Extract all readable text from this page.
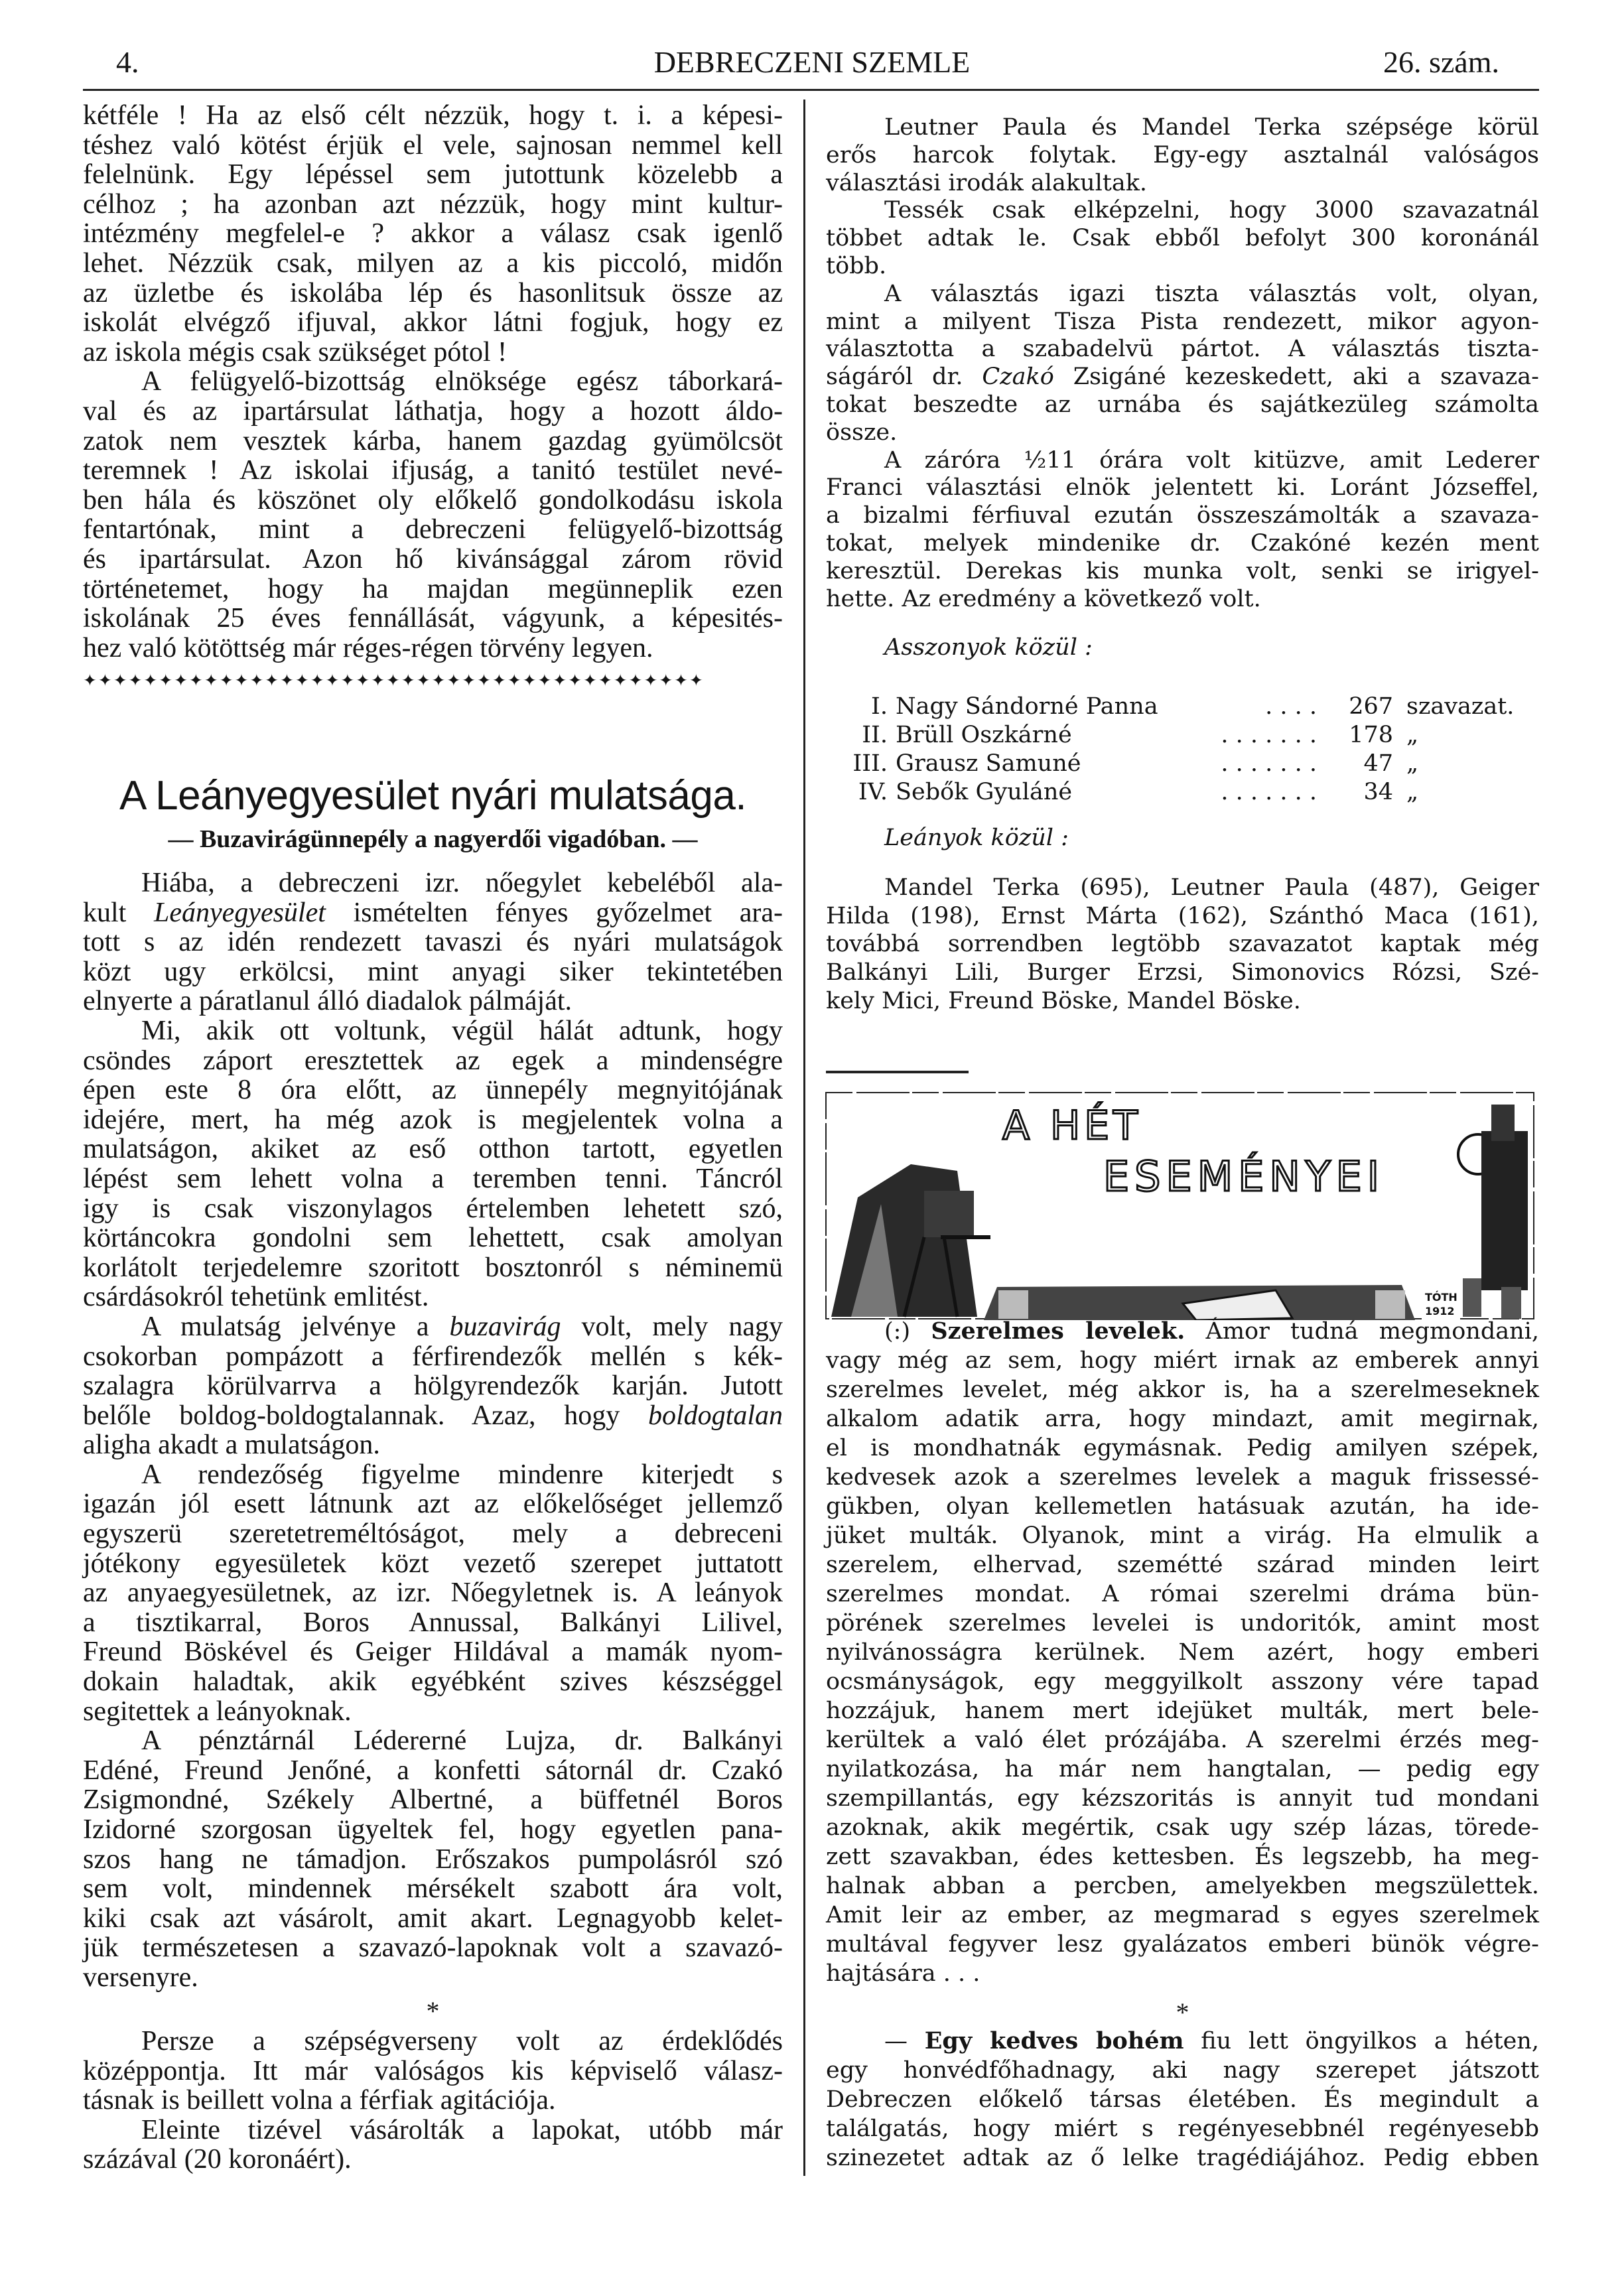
4.	DEBRECZENI SZEMLE	26. szám.
kétféle ! Ha az első célt nézzük, hogy t. i. a képesi-
téshez való kötést érjük el vele, sajnosan nemmel kell
felelnünk. Egy lépéssel sem jutottunk közelebb a
célhoz ; ha azonban azt nézzük, hogy mint kultur-
intézmény megfelel-e ? akkor a válasz csak igenlő
lehet. Nézzük csak, milyen az a kis piccoló, midőn
az üzletbe és iskolába lép és hasonlitsuk össze az
iskolát elvégző ifjuval, akkor látni fogjuk, hogy ez
az iskola mégis csak szükséget pótol !
A felügyelő-bizottság elnöksége egész táborkará-
val és az ipartársulat láthatja, hogy a hozott áldo-
zatok nem vesztek kárba, hanem gazdag gyümölcsöt
teremnek ! Az iskolai ifjuság, a tanitó testület nevé-
ben hála és köszönet oly előkelő gondolkodásu iskola
fentartónak, mint a debreczeni felügyelő-bizottság
és ipartársulat. Azon hő kivánsággal zárom rövid
történetemet, hogy ha majdan megünneplik ezen
iskolának 25 éves fennállását, vágyunk, a képesités-
hez való kötöttség már réges-régen törvény legyen.
✦✦✦✦✦✦✦✦✦✦✦✦✦✦✦✦✦✦✦✦✦✦✦✦✦✦✦✦✦✦✦✦✦✦✦✦✦✦✦✦✦
A Leányegyesület nyári mulatsága.
— Buzavirágünnepély a nagyerdői vigadóban. —
Hiába, a debreczeni izr. nőegylet kebeléből ala-
kult Leányegyesület ismételten fényes győzelmet ara-
tott s az idén rendezett tavaszi és nyári mulatságok
közt ugy erkölcsi, mint anyagi siker tekintetében
elnyerte a páratlanul álló diadalok pálmáját.
Mi, akik ott voltunk, végül hálát adtunk, hogy
csöndes záport eresztettek az egek a mindenségre
épen este 8 óra előtt, az ünnepély megnyitójának
idejére, mert, ha még azok is megjelentek volna a
mulatságon, akiket az eső otthon tartott, egyetlen
lépést sem lehett volna a teremben tenni. Táncról
igy is csak viszonylagos értelemben lehetett szó,
körtáncokra gondolni sem lehettett, csak amolyan
korlátolt terjedelemre szoritott bosztonról s néminemü
csárdásokról tehetünk emlitést.
A mulatság jelvénye a buzavirág volt, mely nagy
csokorban pompázott a férfirendezők mellén s kék-
szalagra körülvarrva a hölgyrendezők karján. Jutott
belőle boldog-boldogtalannak. Azaz, hogy boldogtalan
aligha akadt a mulatságon.
A rendezőség figyelme mindenre kiterjedt s
igazán jól esett látnunk azt az előkelőséget jellemző
egyszerü szeretetreméltóságot, mely a debreceni
jótékony egyesületek közt vezető szerepet juttatott
az anyaegyesületnek, az izr. Nőegyletnek is. A leányok
a tisztikarral, Boros Annussal, Balkányi Lilivel,
Freund Böskével és Geiger Hildával a mamák nyom-
dokain haladtak, akik egyébként szives készséggel
segitettek a leányoknak.
A pénztárnál Lédererné Lujza, dr. Balkányi
Edéné, Freund Jenőné, a konfetti sátornál dr. Czakó
Zsigmondné, Székely Albertné, a büffetnél Boros
Izidorné szorgosan ügyeltek fel, hogy egyetlen pana-
szos hang ne támadjon. Erőszakos pumpolásról szó
sem volt, mindennek mérsékelt szabott ára volt,
kiki csak azt vásárolt, amit akart. Legnagyobb kelet-
jük természetesen a szavazó-lapoknak volt a szavazó-
versenyre.
*
Persze a szépségverseny volt az érdeklődés
középpontja. Itt már valóságos kis képviselő válasz-
tásnak is beillett volna a férfiak agitációja.
Eleinte tizével vásárolták a lapokat, utóbb már
százával (20 koronáért).
Leutner Paula és Mandel Terka szépsége körül
erős harcok folytak. Egy-egy asztalnál valóságos
választási irodák alakultak.
Tessék csak elképzelni, hogy 3000 szavazatnál
többet adtak le. Csak ebből befolyt 300 koronánál
több.
A választás igazi tiszta választás volt, olyan,
mint a milyent Tisza Pista rendezett, mikor agyon-
választotta a szabadelvü pártot. A választás tiszta-
ságáról dr. Czakó Zsigáné kezeskedett, aki a szavaza-
tokat beszedte az urnába és sajátkezüleg számolta
össze.
A záróra ½11 órára volt kitüzve, amit Lederer
Franci választási elnök jelentett ki. Loránt Józseffel,
a bizalmi férfiuval ezután összeszámolták a szavaza-
tokat, melyek mindenike dr. Czakóné kezén ment
keresztül. Derekas kis munka volt, senki se irigyel-
hette. Az eredmény a következő volt.
Asszonyok közül :
I. Nagy Sándorné Panna	. . . .	267 szavazat.
II. Brüll Oszkárné	. . . . . . .	178 „
III. Grausz Samuné	. . . . . . .	47 „
IV. Sebők Gyuláné	. . . . . . .	34 „
Leányok közül :
Mandel Terka (695), Leutner Paula (487), Geiger
Hilda (198), Ernst Márta (162), Szánthó Maca (161),
továbbá sorrendben legtöbb szavazatot kaptak még
Balkányi Lili, Burger Erzsi, Simonovics Rózsi, Szé-
kely Mici, Freund Böske, Mandel Böske.
A HÉT
ESEMÉNYEI
TÓTH
1912
(:) Szerelmes levelek. Ámor tudná megmondani,
vagy még az sem, hogy miért irnak az emberek annyi
szerelmes levelet, még akkor is, ha a szerelmeseknek
alkalom adatik arra, hogy mindazt, amit megirnak,
el is mondhatnák egymásnak. Pedig amilyen szépek,
kedvesek azok a szerelmes levelek a maguk frissessé-
gükben, olyan kellemetlen hatásuak azután, ha ide-
jüket multák. Olyanok, mint a virág. Ha elmulik a
szerelem, elhervad, szemétté szárad minden leirt
szerelmes mondat. A római szerelmi dráma bün-
pörének szerelmes levelei is undoritók, amint most
nyilvánosságra kerülnek. Nem azért, hogy emberi
ocsmányságok, egy meggyilkolt asszony vére tapad
hozzájuk, hanem mert idejüket multák, mert bele-
kerültek a való élet prózájába. A szerelmi érzés meg-
nyilatkozása, ha már nem hangtalan, — pedig egy
szempillantás, egy kézszoritás is annyit tud mondani
azoknak, akik megértik, csak ugy szép lázas, törede-
zett szavakban, édes kettesben. És legszebb, ha meg-
halnak abban a percben, amelyekben megszülettek.
Amit leir az ember, az megmarad s egyes szerelmek
multával fegyver lesz gyalázatos emberi bünök végre-
hajtására . . .
*
— Egy kedves bohém fiu lett öngyilkos a héten,
egy honvédfőhadnagy, aki nagy szerepet játszott
Debreczen előkelő társas életében. És megindult a
találgatás, hogy miért s regényesebbnél regényesebb
szinezetet adtak az ő lelke tragédiájához. Pedig ebben
